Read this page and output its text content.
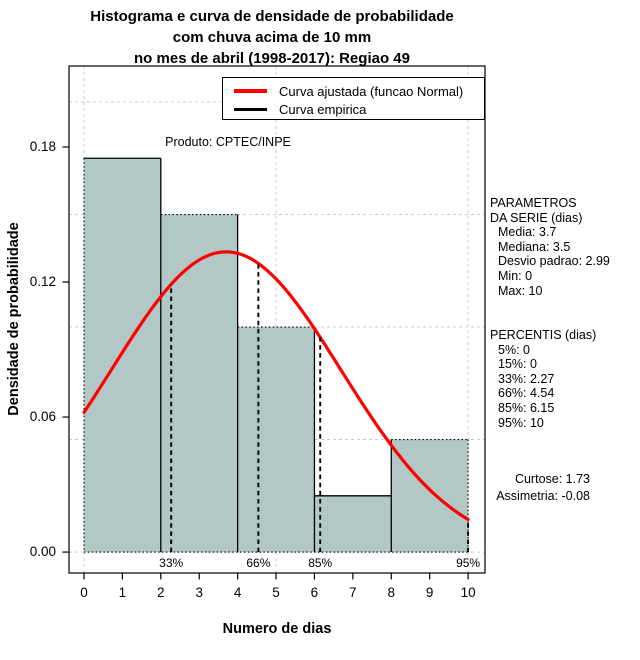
Histograma e curva de densidade de probabilidade
com chuva acima de 10 mm
no mes de abril (1998-2017): Regiao 49
Densidade de probabilidade
Numero de dias
Curva ajustada (funcao Normal)
Curva empirica
Produto: CPTEC/INPE
PARAMETROS
DA SERIE (dias)
Media: 3.7
Mediana: 3.5
Desvio padrao: 2.99
Min: 0
Max: 10
PERCENTIS (dias)
5%: 0
15%: 0
33%: 2.27
66%: 4.54
85%: 6.15
95%: 10
Curtose: 1.73
Assimetria: -0.08
0	1	2	3	4	5	6	7	8	9	10
0.00
0.06
0.12
0.18
33%	66%	85%	95%
